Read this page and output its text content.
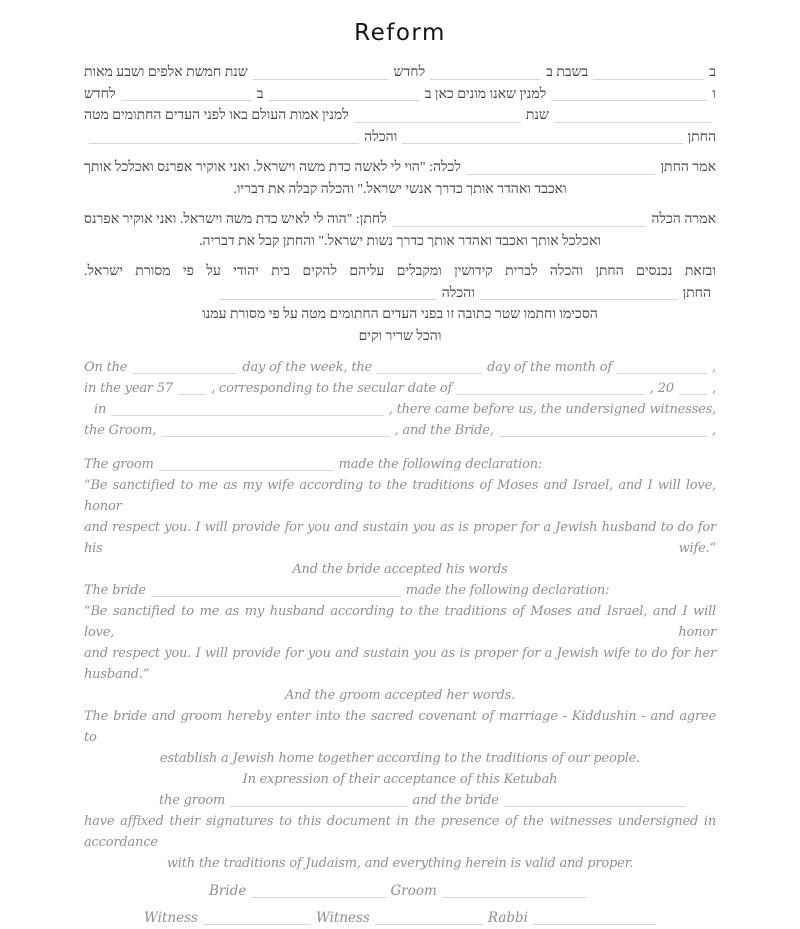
Reform
ב
בשבת ב
לחדש
שנת חמשת אלפים ושבע מאות
ו
למנין שאנו מונים כאן ב
ב
לחדש
שנת
למנין אמות העולם באו לפני העדים החתומים מטה
החתן
והכלה
אמר החתן
לכלה: "הוי לי לאשה כדת משה וישראל. ואני אוקיר אפרנס ואכלכל אותך
ואכבד ואהדר אותך כדרך אנשי ישראל." והכלה קבלה את דבריו.
אמרה הכלה
לחתן: "הוה לי לאיש כדת משה וישראל. ואני אוקיר אפרנס
ואכלכל אותך ואכבד ואהדר אותך כדרך נשות ישראל." והחתן קבל את דבריה.
ובזאת נכנסים החתן והכלה לברית קידושין ומקבלים עליהם להקים בית יהודי על פי מסורת ישראל.
החתן
והכלה
הסכימו וחתמו שטר כתובה זו בפני העדים החתומים מטה על פי מסורת עמנו
והכל שריר וקים
On the	day of the week, the	day of the month of	,
in the year 57	, corresponding to the secular date of	, 20	,
in	, there came before us, the undersigned witnesses,
the Groom,	, and the Bride,	,
The groom	made the following declaration:
“Be sanctified to me as my wife according to the traditions of Moses and Israel, and I will love, honor
and respect you. I will provide for you and sustain you as is proper for a Jewish husband to do for his wife.”
And the bride accepted his words
The bride	made the following declaration:
“Be sanctified to me as my husband according to the traditions of Moses and Israel, and I will love, honor
and respect you. I will provide for you and sustain you as is proper for a Jewish wife to do for her husband.”
And the groom accepted her words.
The bride and groom hereby enter into the sacred covenant of marriage - Kiddushin - and agree to
establish a Jewish home together according to the traditions of our people.
In expression of their acceptance of this Ketubah
the groom	and the bride
have affixed their signatures to this document in the presence of the witnesses undersigned in accordance
with the traditions of Judaism, and everything herein is valid and proper.
Bride	Groom
Witness	Witness	Rabbi
